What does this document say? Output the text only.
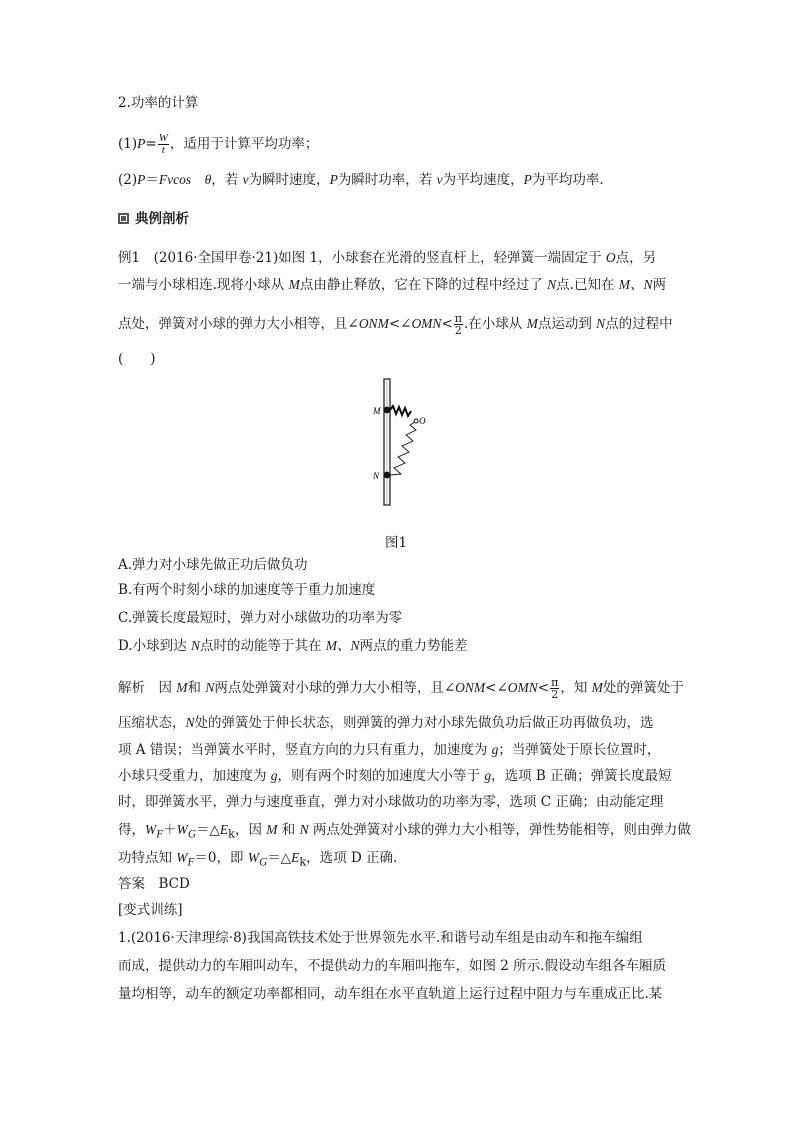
2.功率的计算
$(1)P= \frac{W}{t}$ ，适用于计算平均功率；
(2)P＝Fvcos　θ，若 v为瞬时速度，P为瞬时功率，若 v为平均速度，P为平均功率.
典例剖析
例1　(2016·全国甲卷·21)如图 1，小球套在光滑的竖直杆上，轻弹簧一端固定于 O点，另
一端与小球相连.现将小球从 M点由静止释放，它在下降的过程中经过了 N点.已知在 M、N两
点处，弹簧对小球的弹力大小相等，且∠ONM<∠OMN< $\frac{\pi}{2}$ .在小球从 M点运动到 N点的过程中
(　　)
M
N
O
图1
A.弹力对小球先做正功后做负功
B.有两个时刻小球的加速度等于重力加速度
C.弹簧长度最短时，弹力对小球做功的功率为零
D.小球到达 N点时的动能等于其在 M、N两点的重力势能差
解析　因 M和 N两点处弹簧对小球的弹力大小相等，且∠ONM<∠OMN< $\frac{\pi}{2}$ ，知 M处的弹簧处于
压缩状态，N处的弹簧处于伸长状态，则弹簧的弹力对小球先做负功后做正功再做负功，选
项 A 错误；当弹簧水平时，竖直方向的力只有重力，加速度为 g；当弹簧处于原长位置时，
小球只受重力，加速度为 g，则有两个时刻的加速度大小等于 g，选项 B 正确；弹簧长度最短
时，即弹簧水平，弹力与速度垂直，弹力对小球做功的功率为零，选项 C 正确；由动能定理
得，$W_F+W_G=\triangle E_k$，因 M 和 N 两点处弹簧对小球的弹力大小相等，弹性势能相等，则由弹力做
功特点知 $W_F=0$，即 $W_G=\triangle E_k$，选项 D 正确.
答案　BCD
[变式训练]
1.(2016·天津理综·8)我国高铁技术处于世界领先水平.和谐号动车组是由动车和拖车编组
而成，提供动力的车厢叫动车，不提供动力的车厢叫拖车，如图 2 所示.假设动车组各车厢质
量均相等，动车的额定功率都相同，动车组在水平直轨道上运行过程中阻力与车重成正比.某
